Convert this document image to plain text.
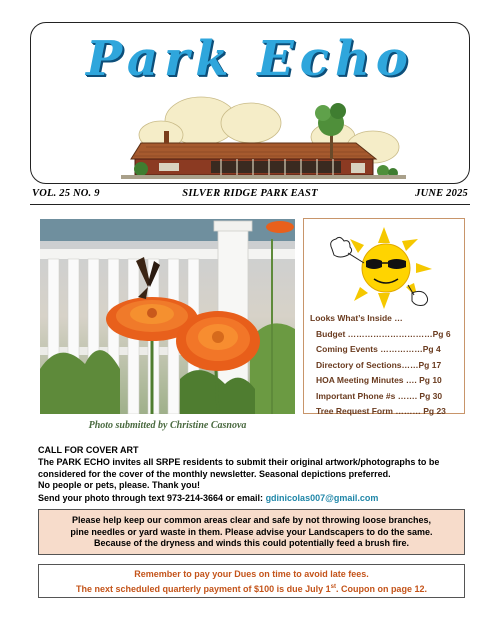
Park Echo
VOL. 25 NO. 9	SILVER RIDGE PARK EAST	JUNE 2025
Photo submitted by Christine Casnova
Looks What’s Inside …
Budget …………………………Pg 6
Coming Events ……………Pg 4
Directory of Sections……Pg 17
HOA Meeting Minutes …. Pg 10
Important Phone #s ……. Pg 30
Tree Request Form ……… Pg 23
CALL FOR COVER ART

The PARK ECHO invites all SRPE residents to submit their original artwork/photographs to be

considered for the cover of the monthly newsletter. Seasonal depictions preferred.

No people or pets, please. Thank you!

Send your photo through text 973-214-3664 or email: gdinicolas007@gmail.com
Please help keep our common areas clear and safe by not throwing loose branches,
pine needles or yard waste in them. Please advise your Landscapers to do the same.
Because of the dryness and winds this could potentially feed a brush fire.
Remember to pay your Dues on time to avoid late fees.
The next scheduled quarterly payment of $100 is due July 1st. Coupon on page 12.
